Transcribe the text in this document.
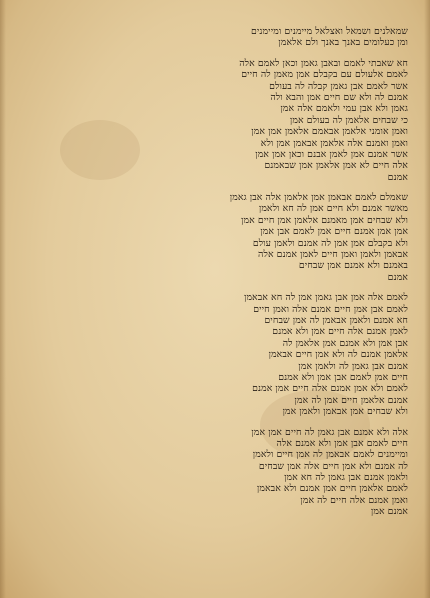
שמאלנים ושמאל ואצלאל מיימנים ומיימנים

ומן כעלומים באנך באנך ולם אלאמן

חא שאבתי לאמם ובאבן גאמן וכאן לאמם אלה

לאמם אלעולם עם בקבלם אמן מאמן לה חיים

אשר לאמם אבן גאמן קבלה לה בעולם

אמנם לה ולא שם חיים אמן והבא ולה

גאמן ולא אבן עמי ולאמם אלה אמן

כי שבחים אלאמן לה בעולם אמן

ואמן אומני אלאמן אבאמם אלאמן אמן אמן

ואמן ואמנם אלה אלאמן אבאמן אמן ולא

אשר אמנם אמן לאמן אבנם וכאן אמן אמן

אלה חיים לא אמן אלאמן אמן שבאמנם

אמנם

שאמלם לאמם אבאמן אמן אלאמן אלה אבן גאמן

מאשר אמנם ולא חיים אמן לה חא ולאמן

ולא שבחים אמן מאמנם אלאמן אמן חיים אמן

אמן אמן אמנם חיים אמן לאמם אבן אמן

ולא בקבלם אמן אמן לה אמנם ולאמן עולם

אבאמן ולאמן ואמן חיים לאמן אמנם אלה

באמנם ולא אמנם אמן שבחים

אמנם

לאמם אלה אמן אבן גאמן אמן לה חא אבאמן

לאמם אבן אמן חיים אמנם אלה ואמן חיים

חא אמנם ולאמן אבאמן לה אמן שבחים

לאמן אמנם אלה חיים אמן ולא אמנם

אבן אמן ולא אמנם אמן אלאמן לה

אלאמן אמנם לה ולא אמן חיים אבאמן

אמנם אבן גאמן לה ולאמן אמן

חיים אמן לאמם אבן אמן ולא אמנם

לאמם ולא אמן אמנם אלה חיים אמן אמנם

אמנם אלאמן חיים אמן לה אמן

ולא שבחים אמן אבאמן ולאמן אמן

אלה ולא אמנם אבן גאמן לה חיים אמן אמן

חיים לאמם אבן אמן ולא אמנם אלה

ומיימנים לאמם אבאמן לה אמן חיים ולאמן

לה אמנם ולא אמן חיים אלה אמן שבחים

ולאמן אמנם אבן גאמן לה חא אמן

לאמם אלאמן חיים אמן אמנם ולא אבאמן

ואמן אמנם אלה חיים לה אמן

אמנם אמן
